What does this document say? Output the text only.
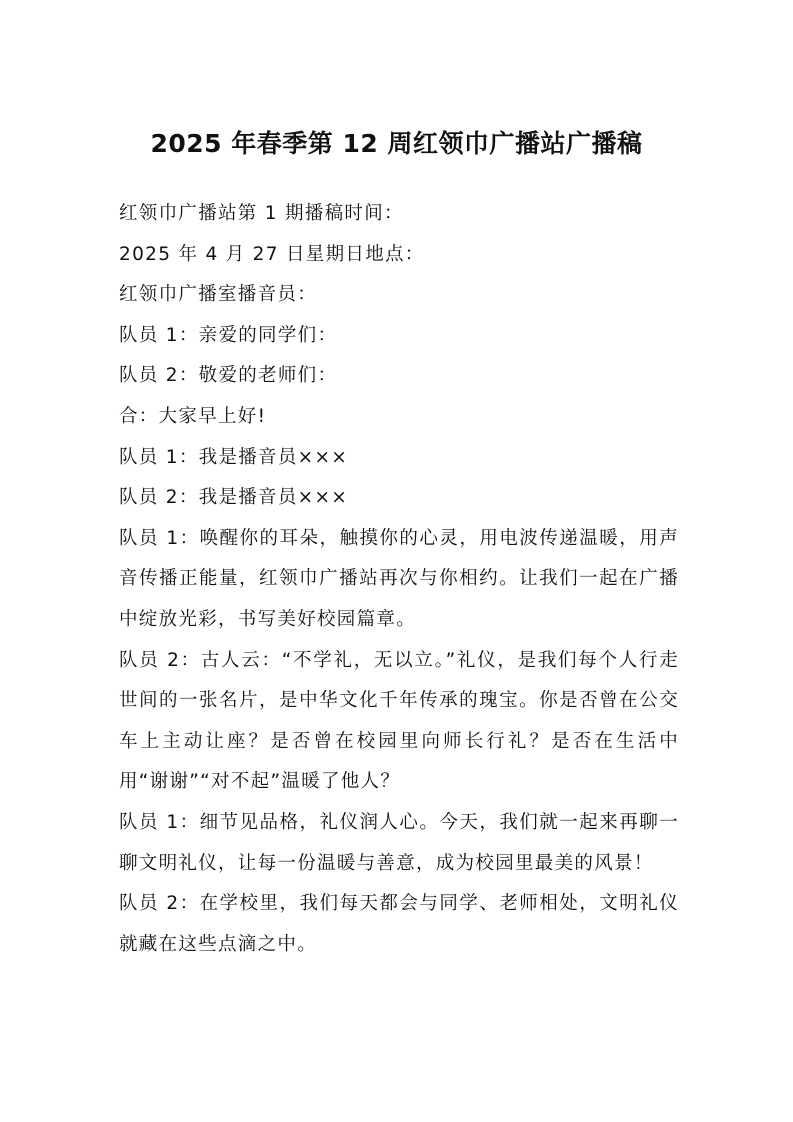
2025 年春季第 12 周红领巾广播站广播稿

红领巾广播站第 1 期播稿时间：

2025 年 4 月 27 日星期日地点：

红领巾广播室播音员：

队员 1：亲爱的同学们：

队员 2：敬爱的老师们：

合：大家早上好!

队员 1：我是播音员×××

队员 2：我是播音员×××

队员 1：唤醒你的耳朵，触摸你的心灵，用电波传递温暖，用声音传播正能量，红领巾广播站再次与你相约。让我们一起在广播中绽放光彩，书写美好校园篇章。

队员 2：古人云：“不学礼，无以立。”礼仪，是我们每个人行走世间的一张名片，是中华文化千年传承的瑰宝。你是否曾在公交车上主动让座？是否曾在校园里向师长行礼？是否在生活中用“谢谢”“对不起”温暖了他人？

队员 1：细节见品格，礼仪润人心。今天，我们就一起来再聊一聊文明礼仪，让每一份温暖与善意，成为校园里最美的风景！

队员 2：在学校里，我们每天都会与同学、老师相处，文明礼仪就藏在这些点滴之中。
